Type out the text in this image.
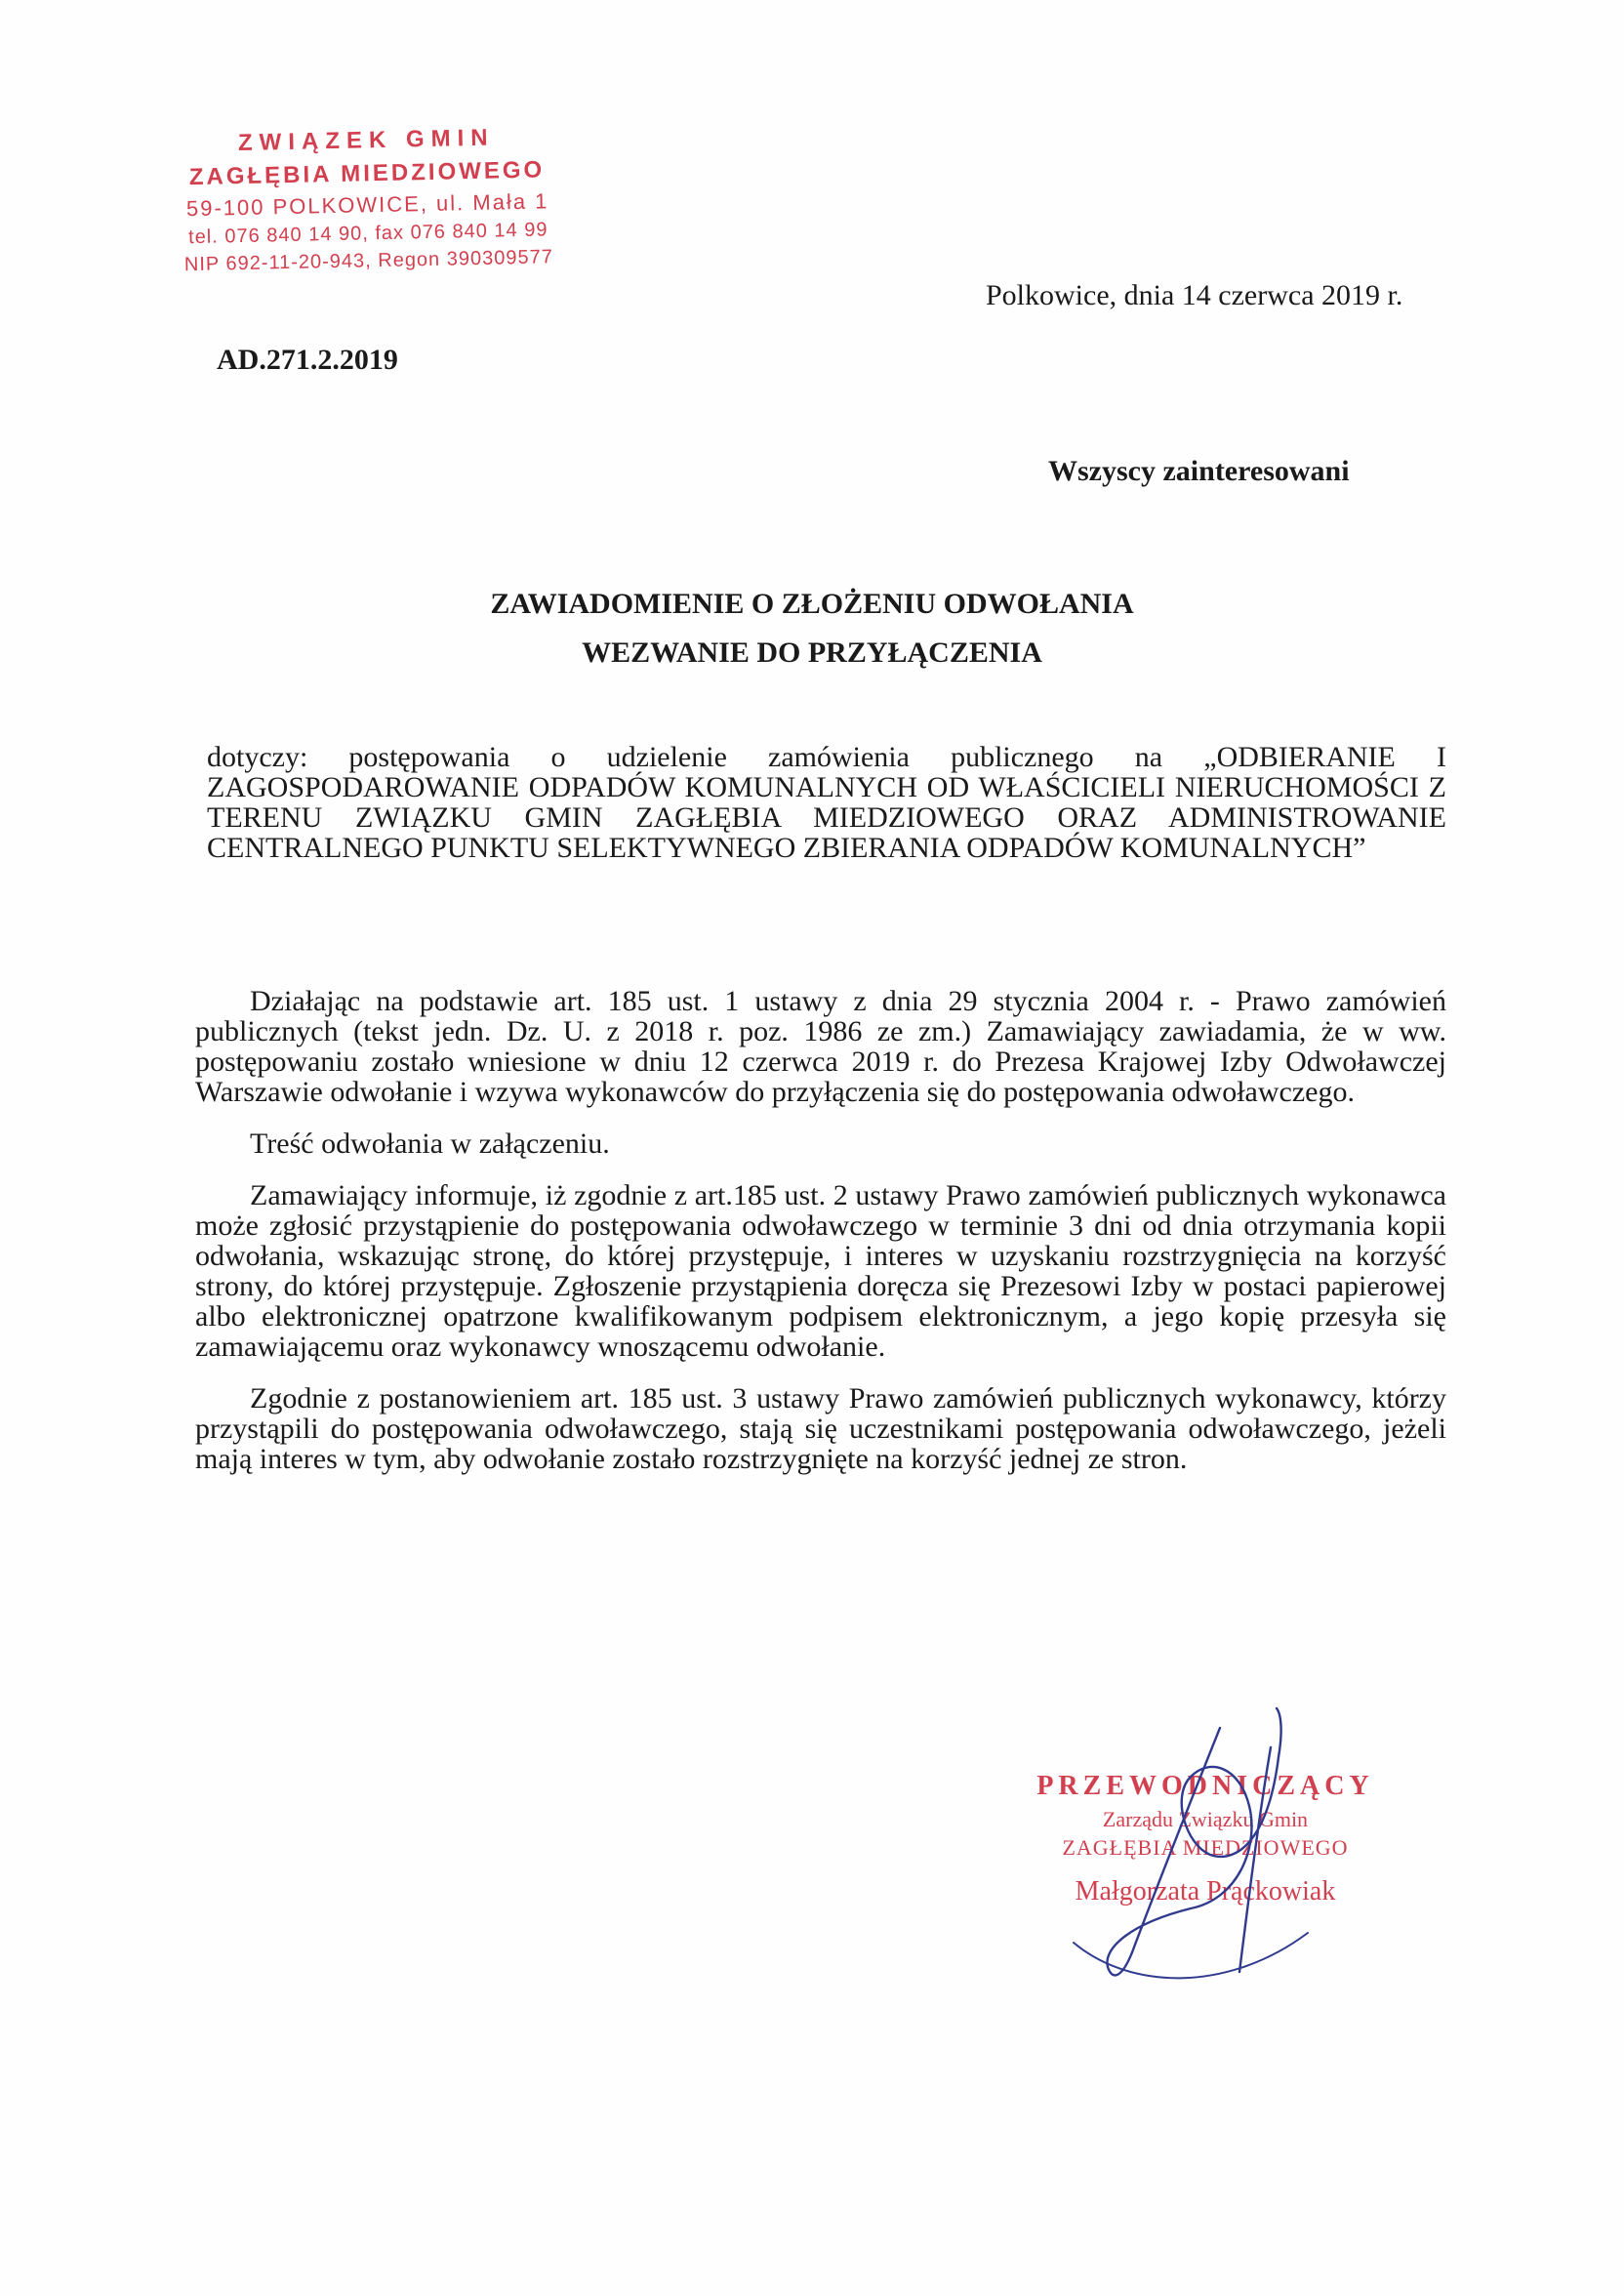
ZWIĄZEK GMIN
ZAGŁĘBIA MIEDZIOWEGO
59-100 POLKOWICE, ul. Mała 1
tel. 076 840 14 90, fax 076 840 14 99
NIP 692-11-20-943, Regon 390309577
Polkowice, dnia 14 czerwca 2019 r.
AD.271.2.2019
Wszyscy zainteresowani
ZAWIADOMIENIE O ZŁOŻENIU ODWOŁANIA
WEZWANIE DO PRZYŁĄCZENIA
dotyczy: postępowania o udzielenie zamówienia publicznego na „ODBIERANIE I ZAGOSPODAROWANIE ODPADÓW KOMUNALNYCH OD WŁAŚCICIELI NIERUCHOMOŚCI Z TERENU ZWIĄZKU GMIN ZAGŁĘBIA MIEDZIOWEGO ORAZ ADMINISTROWANIE CENTRALNEGO PUNKTU SELEKTYWNEGO ZBIERANIA ODPADÓW KOMUNALNYCH”

Działając na podstawie art. 185 ust. 1 ustawy z dnia 29 stycznia 2004 r. - Prawo zamówień publicznych (tekst jedn. Dz. U. z 2018 r. poz. 1986 ze zm.) Zamawiający zawiadamia, że w ww. postępowaniu zostało wniesione w dniu 12 czerwca 2019 r. do Prezesa Krajowej Izby Odwoławczej Warszawie odwołanie i wzywa wykonawców do przyłączenia się do postępowania odwoławczego.

Treść odwołania w załączeniu.

Zamawiający informuje, iż zgodnie z art.185 ust. 2 ustawy Prawo zamówień publicznych wykonawca może zgłosić przystąpienie do postępowania odwoławczego w terminie 3 dni od dnia otrzymania kopii odwołania, wskazując stronę, do której przystępuje, i interes w uzyskaniu rozstrzygnięcia na korzyść strony, do której przystępuje. Zgłoszenie przystąpienia doręcza się Prezesowi Izby w postaci papierowej albo elektronicznej opatrzone kwalifikowanym podpisem elektronicznym, a jego kopię przesyła się zamawiającemu oraz wykonawcy wnoszącemu odwołanie.

Zgodnie z postanowieniem art. 185 ust. 3 ustawy Prawo zamówień publicznych wykonawcy, którzy przystąpili do postępowania odwoławczego, stają się uczestnikami postępowania odwoławczego, jeżeli mają interes w tym, aby odwołanie zostało rozstrzygnięte na korzyść jednej ze stron.

PRZEWODNICZĄCY
Zarządu Związku Gmin
ZAGŁĘBIA MIEDZIOWEGO
Małgorzata Prąckowiak
